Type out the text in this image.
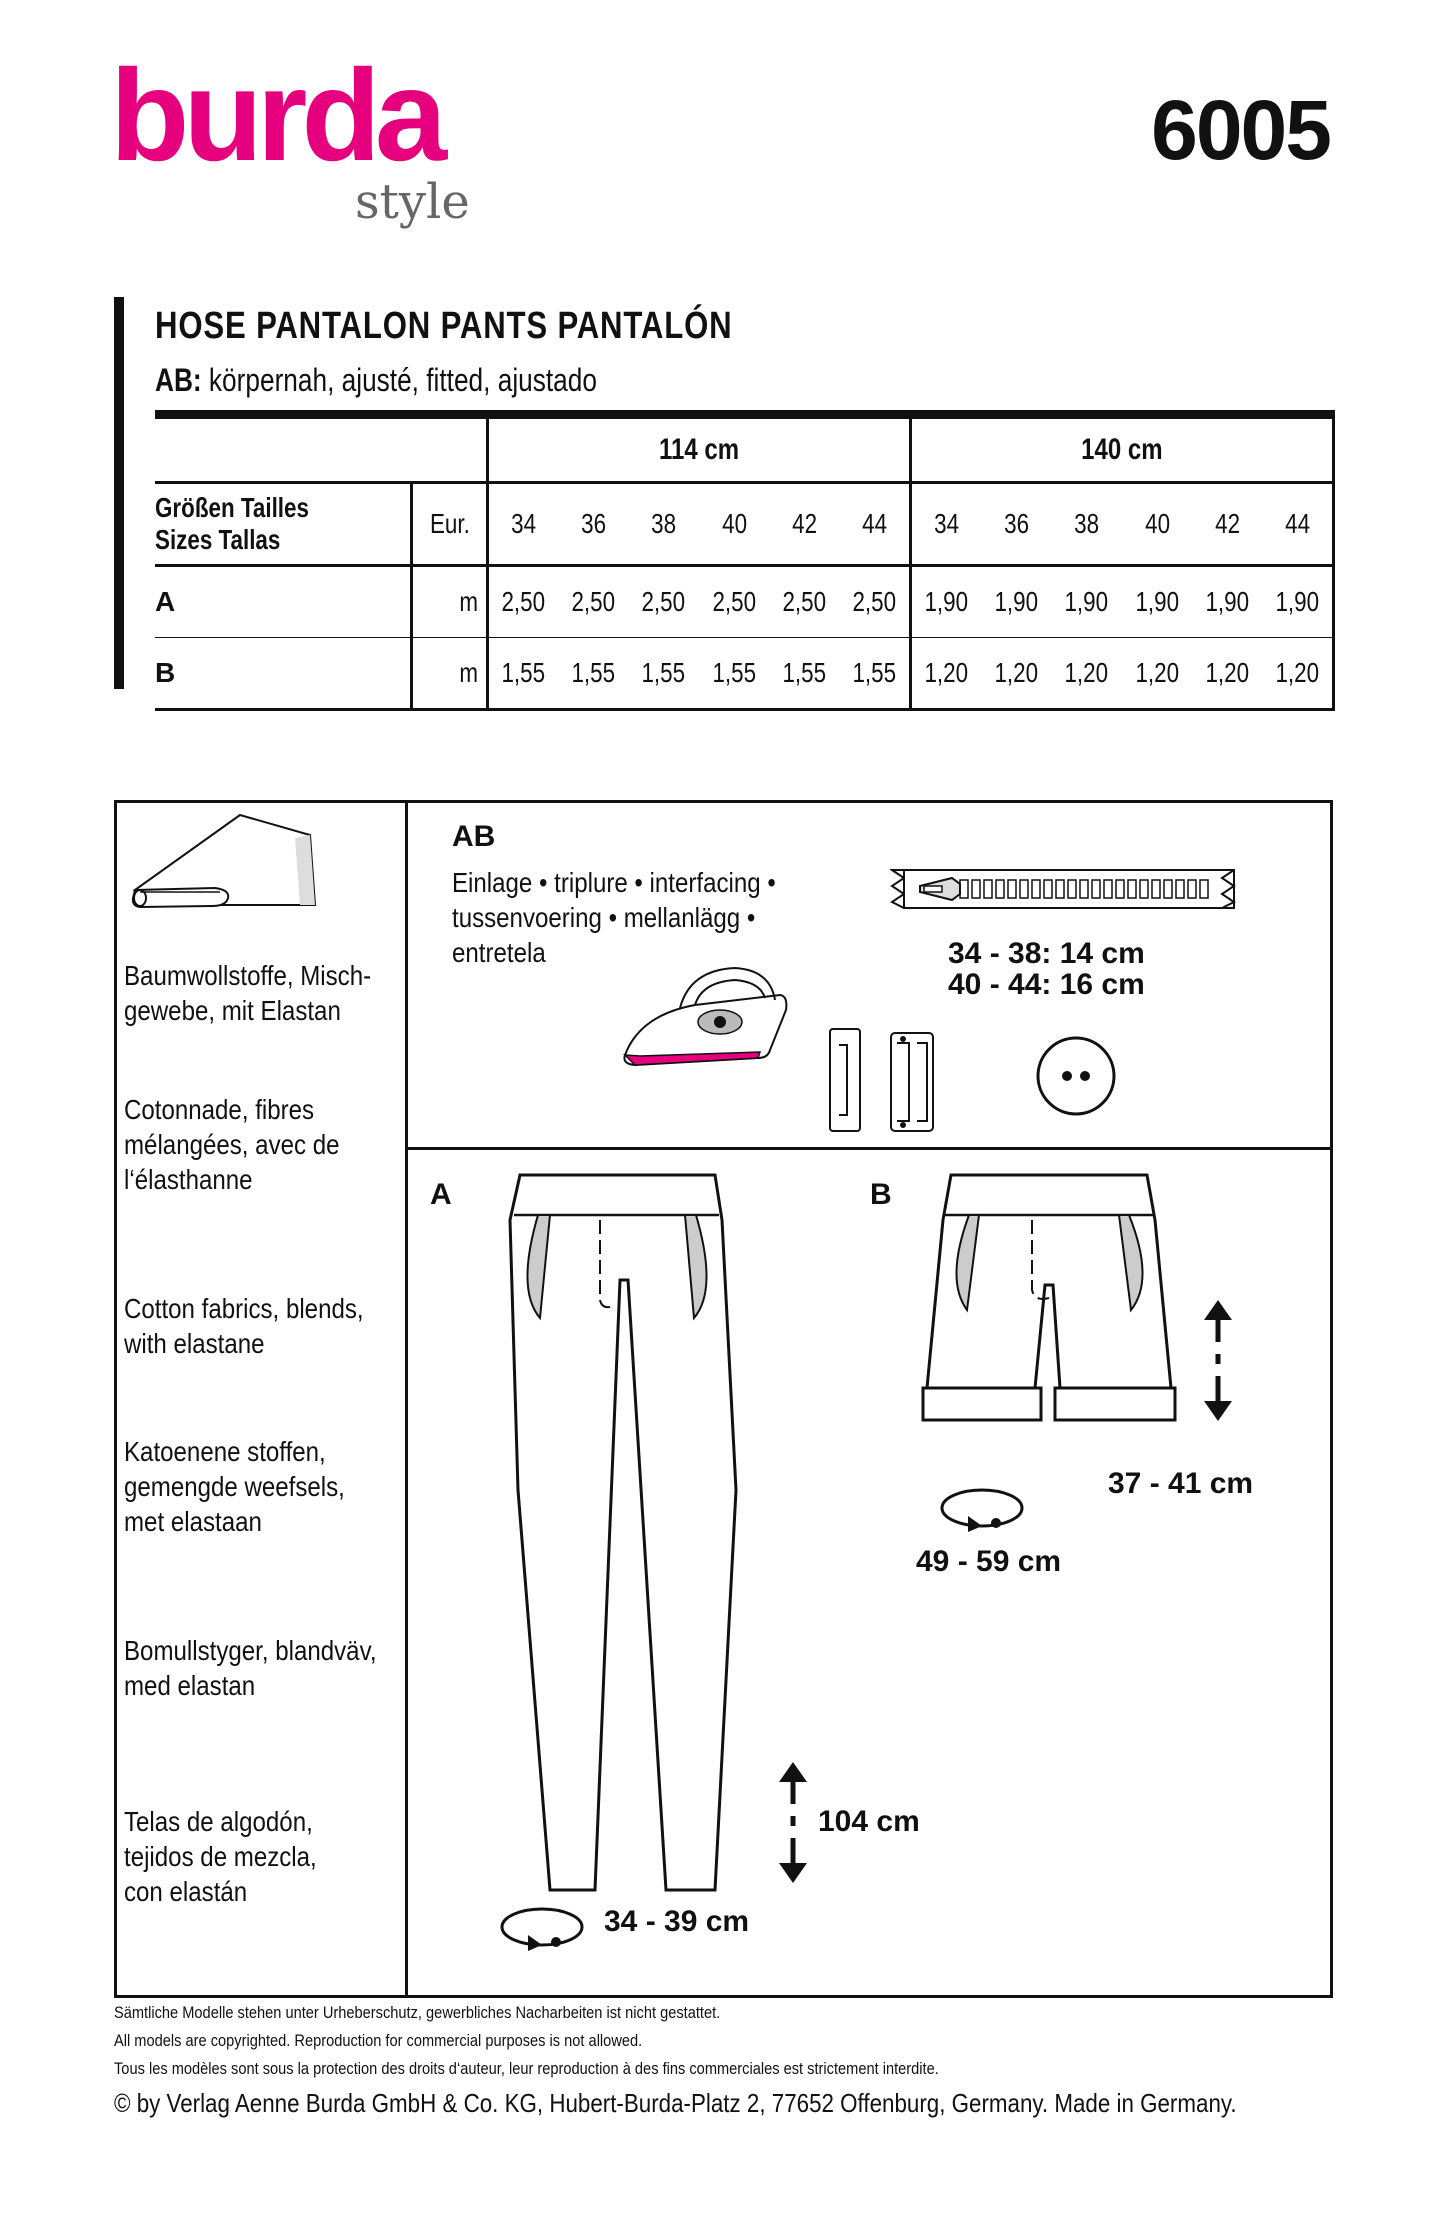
burda
style
6005
HOSE PANTALON PANTS PANTALÓN
AB: körpernah, ajusté, fitted, ajustado
		114 cm						140 cm					

Größen Tailles
Sizes Tallas	Eur.	34	36	38	40	42	44	34	36	38	40	42	44
A	m	2,50	2,50	2,50	2,50	2,50	2,50	1,90	1,90	1,90	1,90	1,90	1,90
B	m	1,55	1,55	1,55	1,55	1,55	1,55	1,20	1,20	1,20	1,20	1,20	1,20
Baumwollstoffe, Misch-
gewebe, mit Elastan
Cotonnade, fibres
mélangées, avec de
l‘élasthanne
Cotton fabrics, blends,
with elastane
Katoenene stoffen,
gemengde weefsels,
met elastaan
Bomullstyger, blandväv,
med elastan
Telas de algodón,
tejidos de mezcla,
con elastán
AB
Einlage • triplure • interfacing •
tussenvoering • mellanlägg •
entretela	34 - 38: 14 cm
40 - 44: 16 cm
A	B
104 cm
34 - 39 cm
37 - 41 cm
49 - 59 cm
Sämtliche Modelle stehen unter Urheberschutz, gewerbliches Nacharbeiten ist nicht gestattet.
All models are copyrighted. Reproduction for commercial purposes is not allowed.
Tous les modèles sont sous la protection des droits d‘auteur, leur reproduction à des fins commerciales est strictement interdite.
© by Verlag Aenne Burda GmbH & Co. KG, Hubert-Burda-Platz 2, 77652 Offenburg, Germany. Made in Germany.
